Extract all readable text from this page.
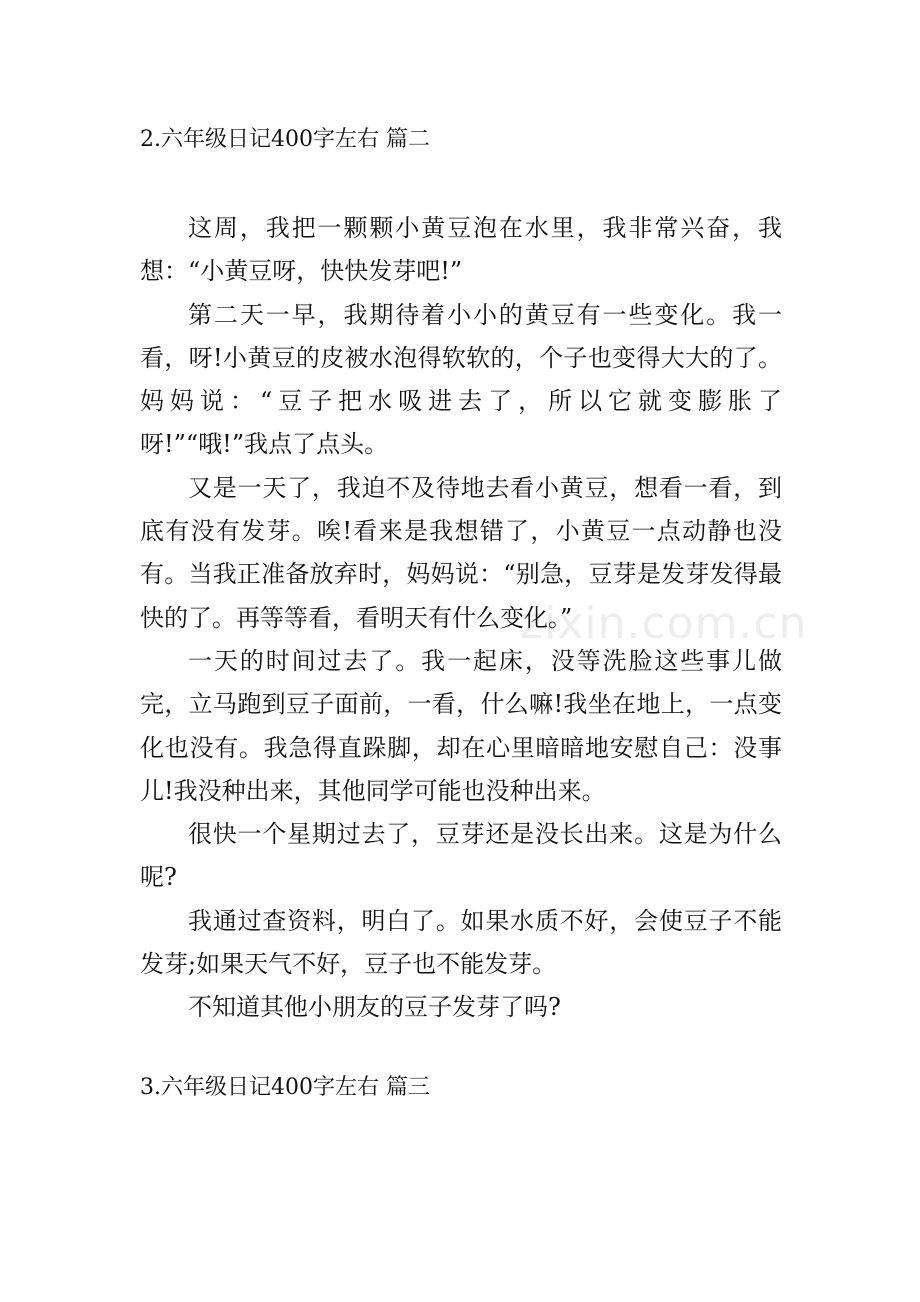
2.六年级日记400字左右 篇二

这周，我把一颗颗小黄豆泡在水里，我非常兴奋，我想：“小黄豆呀，快快发芽吧!”

第二天一早，我期待着小小的黄豆有一些变化。我一看，呀!小黄豆的皮被水泡得软软的，个子也变得大大的了。妈妈说：“豆子把水吸进去了，所以它就变膨胀了呀!”“哦!”我点了点头。

又是一天了，我迫不及待地去看小黄豆，想看一看，到底有没有发芽。唉!看来是我想错了，小黄豆一点动静也没有。当我正准备放弃时，妈妈说：“别急，豆芽是发芽发得最快的了。再等等看，看明天有什么变化。”

一天的时间过去了。我一起床，没等洗脸这些事儿做完，立马跑到豆子面前，一看，什么嘛!我坐在地上，一点变化也没有。我急得直跺脚，却在心里暗暗地安慰自己：没事儿!我没种出来，其他同学可能也没种出来。

很快一个星期过去了，豆芽还是没长出来。这是为什么呢?

我通过查资料，明白了。如果水质不好，会使豆子不能发芽;如果天气不好，豆子也不能发芽。

不知道其他小朋友的豆子发芽了吗?

3.六年级日记400字左右 篇三
zixin.com.cn
